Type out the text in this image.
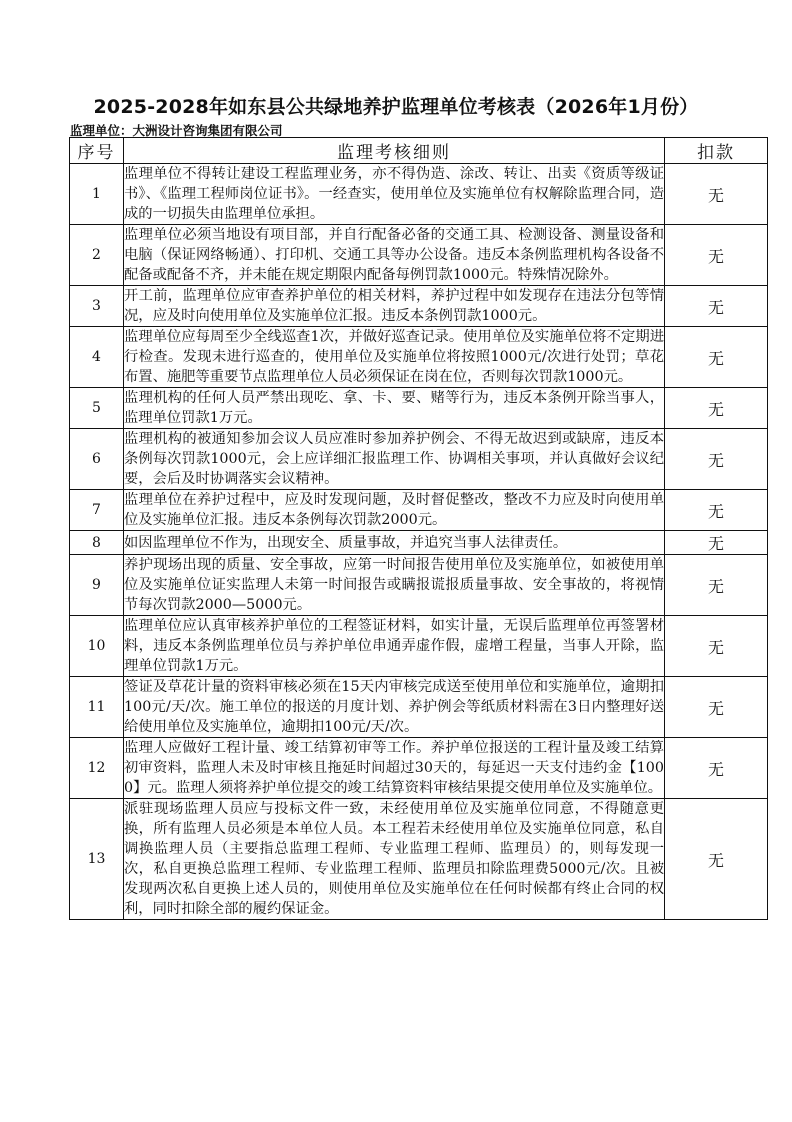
2025-2028年如东县公共绿地养护监理单位考核表（2026年1月份）
监理单位：大洲设计咨询集团有限公司
序号	监理考核细则	扣款
1	监理单位不得转让建设工程监理业务，亦不得伪造、涂改、转让、出卖《资质等级证书》、《监理工程师岗位证书》。一经查实，使用单位及实施单位有权解除监理合同，造成的一切损失由监理单位承担。	无
2	监理单位必须当地设有项目部，并自行配备必备的交通工具、检测设备、测量设备和电脑（保证网络畅通）、打印机、交通工具等办公设备。违反本条例监理机构各设备不配备或配备不齐，并未能在规定期限内配备每例罚款1000元。特殊情况除外。	无
3	开工前，监理单位应审查养护单位的相关材料，养护过程中如发现存在违法分包等情况，应及时向使用单位及实施单位汇报。违反本条例罚款1000元。	无
4	监理单位应每周至少全线巡查1次，并做好巡查记录。使用单位及实施单位将不定期进行检查。发现未进行巡查的，使用单位及实施单位将按照1000元/次进行处罚；草花布置、施肥等重要节点监理单位人员必须保证在岗在位，否则每次罚款1000元。	无
5	监理机构的任何人员严禁出现吃、拿、卡、要、赌等行为，违反本条例开除当事人，监理单位罚款1万元。	无
6	监理机构的被通知参加会议人员应准时参加养护例会、不得无故迟到或缺席，违反本条例每次罚款1000元，会上应详细汇报监理工作、协调相关事项，并认真做好会议纪要，会后及时协调落实会议精神。	无
7	监理单位在养护过程中，应及时发现问题，及时督促整改，整改不力应及时向使用单位及实施单位汇报。违反本条例每次罚款2000元。	无
8	如因监理单位不作为，出现安全、质量事故，并追究当事人法律责任。	无
9	养护现场出现的质量、安全事故，应第一时间报告使用单位及实施单位，如被使用单位及实施单位证实监理人未第一时间报告或瞒报谎报质量事故、安全事故的，将视情节每次罚款2000—5000元。	无
10	监理单位应认真审核养护单位的工程签证材料，如实计量，无误后监理单位再签署材料，违反本条例监理单位员与养护单位串通弄虚作假，虚增工程量，当事人开除，监理单位罚款1万元。	无
11	签证及草花计量的资料审核必须在15天内审核完成送至使用单位和实施单位，逾期扣100元/天/次。施工单位的报送的月度计划、养护例会等纸质材料需在3日内整理好送给使用单位及实施单位，逾期扣100元/天/次。	无
12	监理人应做好工程计量、竣工结算初审等工作。养护单位报送的工程计量及竣工结算初审资料，监理人未及时审核且拖延时间超过30天的，每延迟一天支付违约金【1000】元。监理人须将养护单位提交的竣工结算资料审核结果提交使用单位及实施单位。	无
13	派驻现场监理人员应与投标文件一致，未经使用单位及实施单位同意，不得随意更换，所有监理人员必须是本单位人员。本工程若未经使用单位及实施单位同意，私自调换监理人员（主要指总监理工程师、专业监理工程师、监理员）的，则每发现一次，私自更换总监理工程师、专业监理工程师、监理员扣除监理费5000元/次。且被发现两次私自更换上述人员的，则使用单位及实施单位在任何时候都有终止合同的权利，同时扣除全部的履约保证金。	无
